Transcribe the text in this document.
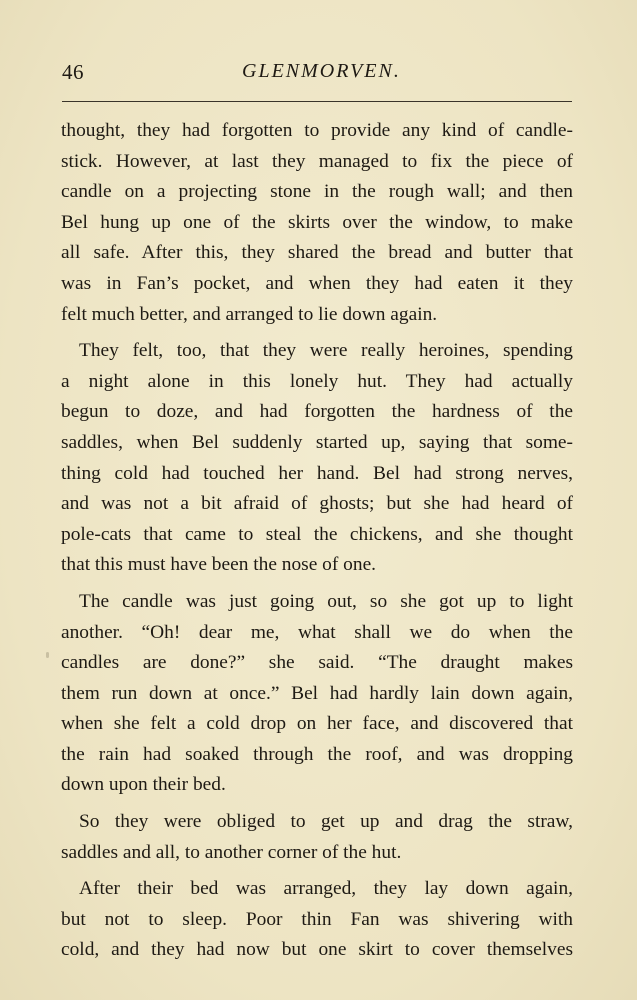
46	GLENMORVEN.
thought, they had forgotten to provide any kind of candle-
stick. However, at last they managed to fix the piece of
candle on a projecting stone in the rough wall; and then
Bel hung up one of the skirts over the window, to make
all safe. After this, they shared the bread and butter that
was in Fan’s pocket, and when they had eaten it they
felt much better, and arranged to lie down again.
They felt, too, that they were really heroines, spending
a night alone in this lonely hut. They had actually
begun to doze, and had forgotten the hardness of the
saddles, when Bel suddenly started up, saying that some-
thing cold had touched her hand. Bel had strong nerves,
and was not a bit afraid of ghosts; but she had heard of
pole-cats that came to steal the chickens, and she thought
that this must have been the nose of one.
The candle was just going out, so she got up to light
another. “Oh! dear me, what shall we do when the
candles are done?” she said. “The draught makes
them run down at once.” Bel had hardly lain down again,
when she felt a cold drop on her face, and discovered that
the rain had soaked through the roof, and was dropping
down upon their bed.
So they were obliged to get up and drag the straw,
saddles and all, to another corner of the hut.
After their bed was arranged, they lay down again,
but not to sleep. Poor thin Fan was shivering with
cold, and they had now but one skirt to cover themselves
